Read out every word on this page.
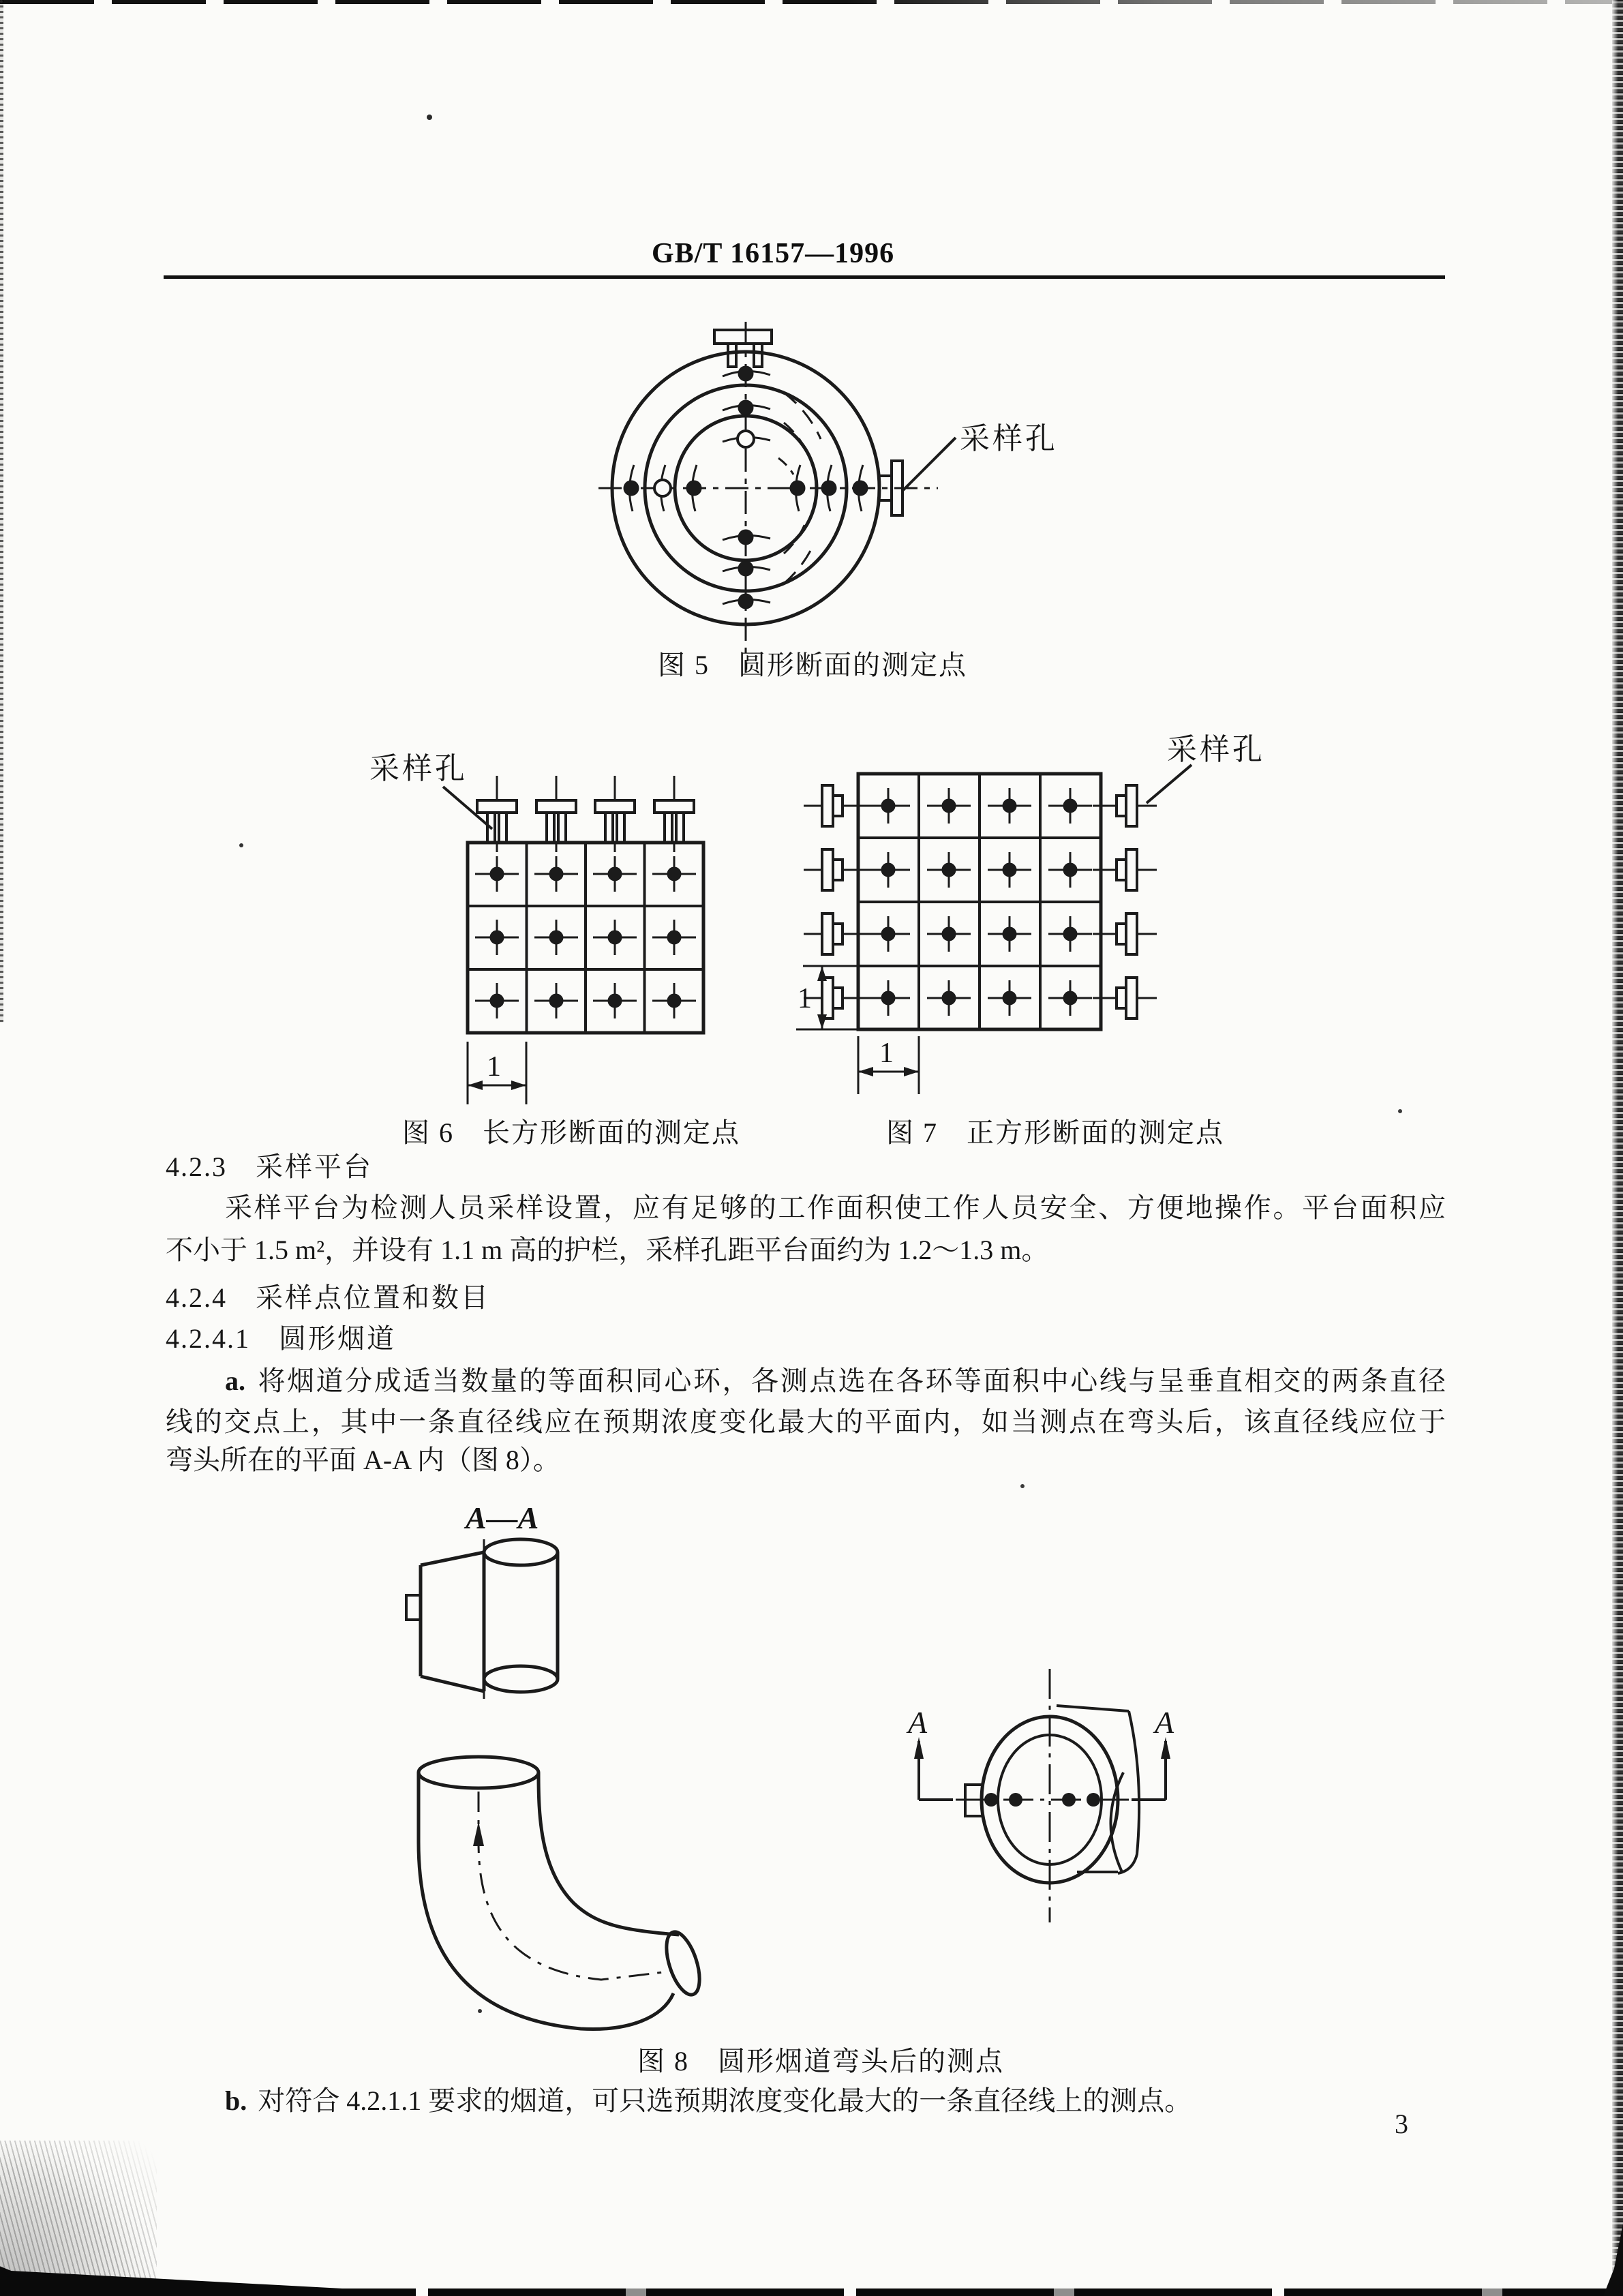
GB/T 16157—1996
采样孔
图 5　圆形断面的测定点
1
采样孔
图 6　长方形断面的测定点
1
1
采样孔
图 7　正方形断面的测定点
4.2.3 采样平台
采样平台为检测人员采样设置，应有足够的工作面积使工作人员安全、方便地操作。平台面积应
不小于 1.5 m²，并设有 1.1 m 高的护栏，采样孔距平台面约为 1.2～1.3 m。
4.2.4 采样点位置和数目
4.2.4.1 圆形烟道
a. 将烟道分成适当数量的等面积同心环，各测点选在各环等面积中心线与呈垂直相交的两条直径
线的交点上，其中一条直径线应在预期浓度变化最大的平面内，如当测点在弯头后，该直径线应位于
弯头所在的平面 A-A 内（图 8）。
A—A
A	A
图 8　圆形烟道弯头后的测点
b. 对符合 4.2.1.1 要求的烟道，可只选预期浓度变化最大的一条直径线上的测点。
3
